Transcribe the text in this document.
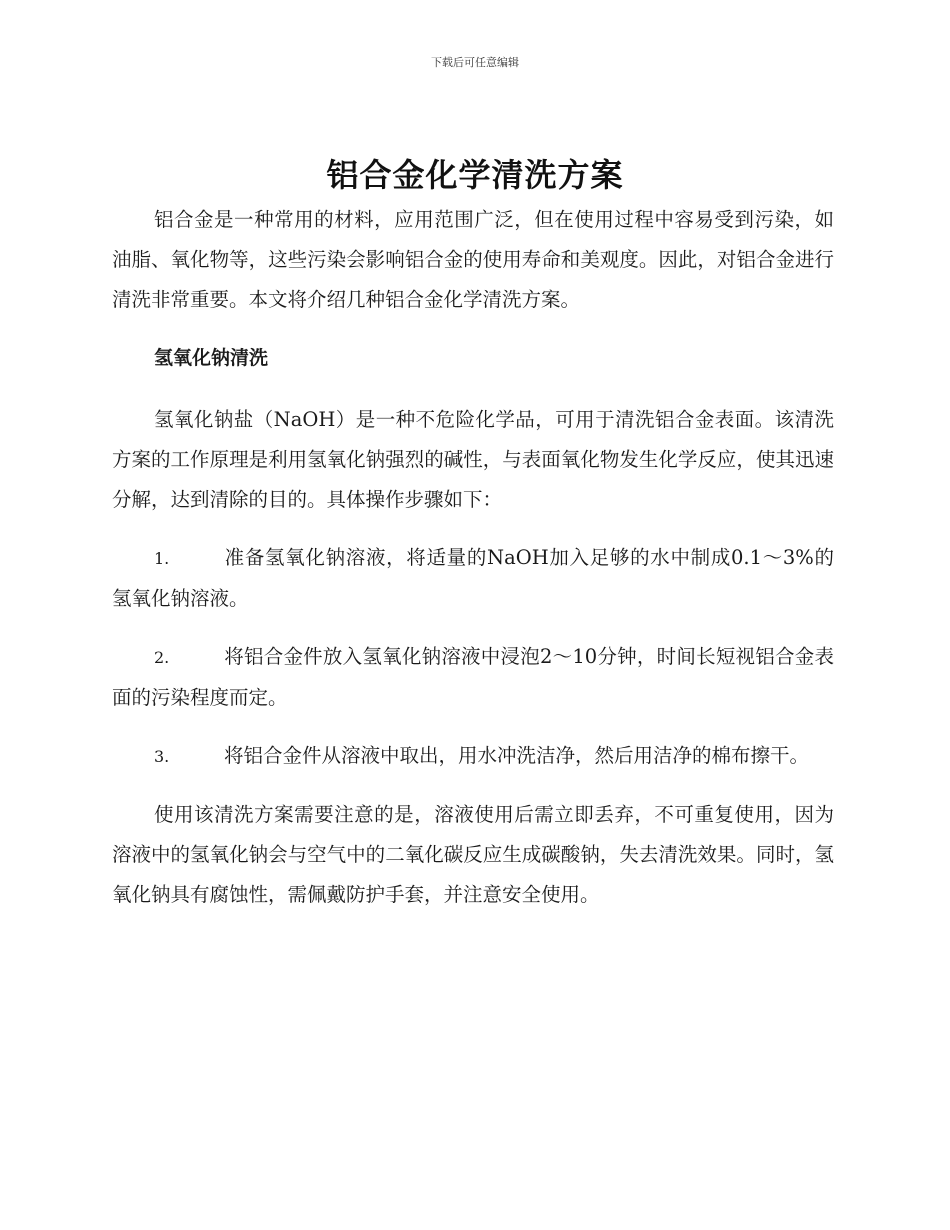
下载后可任意编辑
铝合金化学清洗方案

铝合金是一种常用的材料，应用范围广泛，但在使用过程中容易受到污染，如油脂、氧化物等，这些污染会影响铝合金的使用寿命和美观度。因此，对铝合金进行清洗非常重要。本文将介绍几种铝合金化学清洗方案。

氢氧化钠清洗

氢氧化钠盐（NaOH）是一种不危险化学品，可用于清洗铝合金表面。该清洗方案的工作原理是利用氢氧化钠强烈的碱性，与表面氧化物发生化学反应，使其迅速分解，达到清除的目的。具体操作步骤如下：

1.	准备氢氧化钠溶液，将适量的NaOH加入足够的水中制成0.1～3%的氢氧化钠溶液。

2.	将铝合金件放入氢氧化钠溶液中浸泡2～10分钟，时间长短视铝合金表面的污染程度而定。

3.	将铝合金件从溶液中取出，用水冲洗洁净，然后用洁净的棉布擦干。

使用该清洗方案需要注意的是，溶液使用后需立即丢弃，不可重复使用，因为溶液中的氢氧化钠会与空气中的二氧化碳反应生成碳酸钠，失去清洗效果。同时，氢氧化钠具有腐蚀性，需佩戴防护手套，并注意安全使用。
